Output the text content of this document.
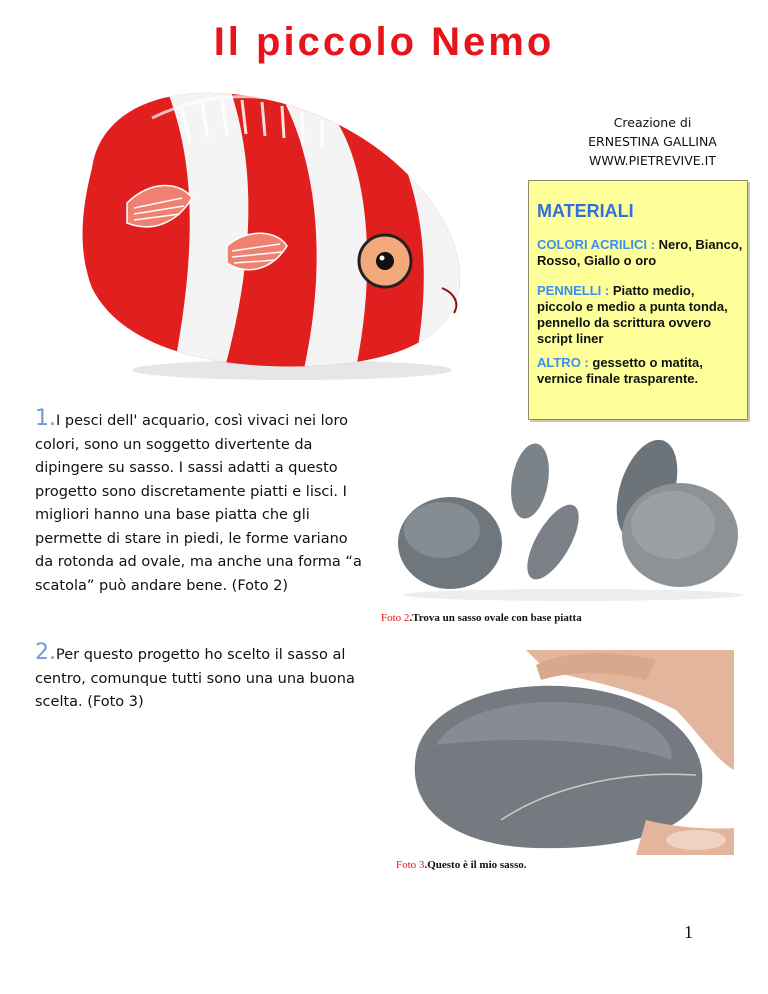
Il piccolo Nemo
Creazione di
ERNESTINA GALLINA
WWW.PIETREVIVE.IT
MATERIALI
COLORI ACRILICI : Nero, Bianco, Rosso, Giallo o oro
PENNELLI : Piatto medio, piccolo e medio a punta tonda, pennello da scrittura ovvero script liner
ALTRO : gessetto o matita, vernice finale trasparente.
1.I pesci dell' acquario, così vivaci nei loro colori, sono un soggetto divertente da dipingere su sasso. I sassi adatti a questo progetto sono discretamente piatti e lisci. I migliori hanno una base piatta che gli permette di stare in piedi, le forme variano da rotonda ad ovale, ma anche una forma “a scatola” può andare bene. (Foto 2)
Foto 2.Trova un sasso ovale con base piatta
2.Per questo progetto ho scelto il sasso al centro, comunque tutti sono una una buona scelta. (Foto 3)
Foto 3.Questo è il mio sasso.
1
